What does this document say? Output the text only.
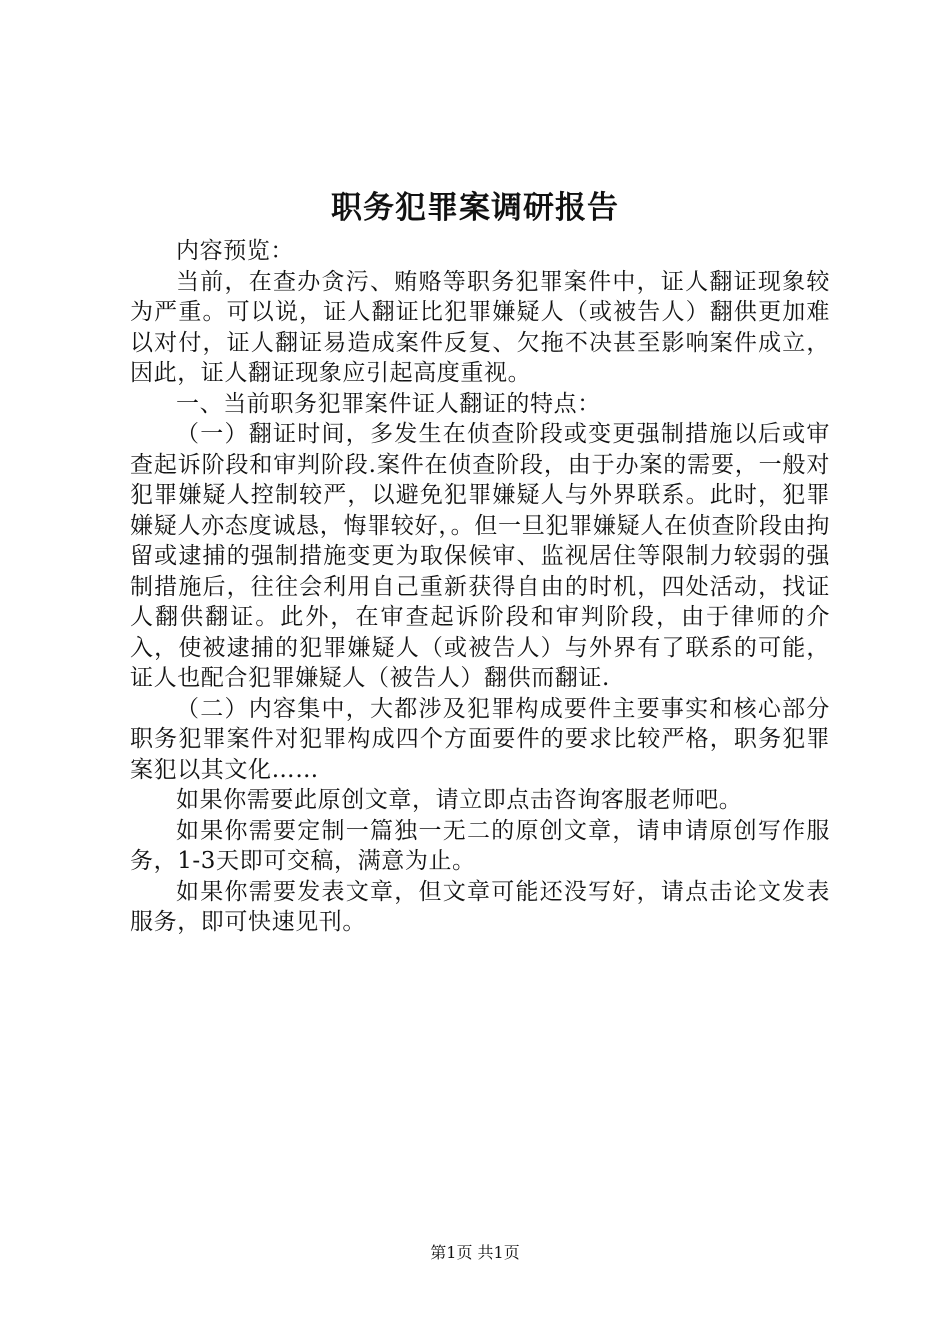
职务犯罪案调研报告

内容预览：

当前，在查办贪污、贿赂等职务犯罪案件中，证人翻证现象较为严重。可以说，证人翻证比犯罪嫌疑人（或被告人）翻供更加难以对付，证人翻证易造成案件反复、欠拖不决甚至影响案件成立，因此，证人翻证现象应引起高度重视。

一、当前职务犯罪案件证人翻证的特点：

（一）翻证时间，多发生在侦查阶段或变更强制措施以后或审查起诉阶段和审判阶段.案件在侦查阶段，由于办案的需要，一般对犯罪嫌疑人控制较严，以避免犯罪嫌疑人与外界联系。此时，犯罪嫌疑人亦态度诚恳，悔罪较好，。但一旦犯罪嫌疑人在侦查阶段由拘留或逮捕的强制措施变更为取保候审、监视居住等限制力较弱的强制措施后，往往会利用自己重新获得自由的时机，四处活动，找证人翻供翻证。此外，在审查起诉阶段和审判阶段，由于律师的介入，使被逮捕的犯罪嫌疑人（或被告人）与外界有了联系的可能，证人也配合犯罪嫌疑人（被告人）翻供而翻证.

（二）内容集中，大都涉及犯罪构成要件主要事实和核心部分职务犯罪案件对犯罪构成四个方面要件的要求比较严格，职务犯罪案犯以其文化……

如果你需要此原创文章，请立即点击咨询客服老师吧。

如果你需要定制一篇独一无二的原创文章，请申请原创写作服务，1-3天即可交稿，满意为止。

如果你需要发表文章，但文章可能还没写好，请点击论文发表服务，即可快速见刊。

第1页 共1页
